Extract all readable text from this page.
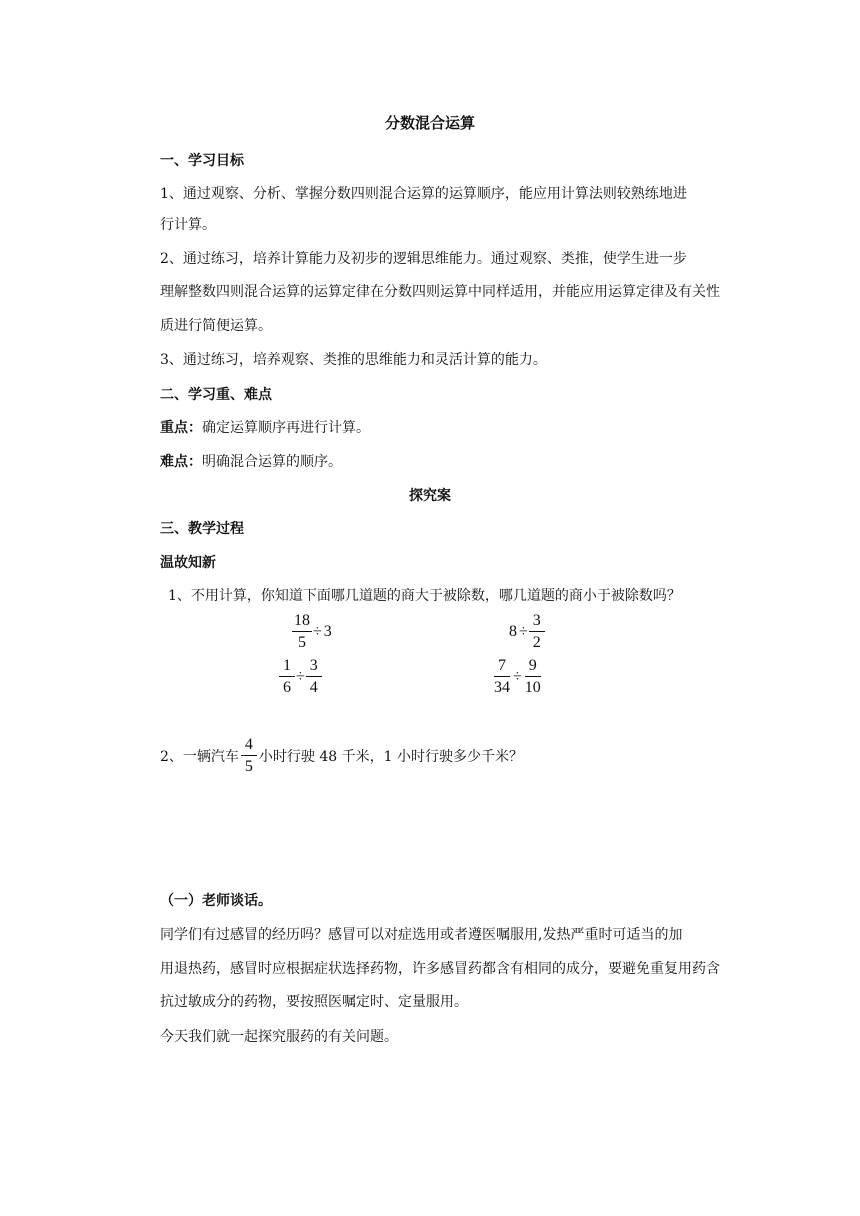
分数混合运算
一、学习目标
1、通过观察、分析、掌握分数四则混合运算的运算顺序，能应用计算法则较熟练地进
行计算。
2、通过练习，培养计算能力及初步的逻辑思维能力。通过观察、类推，使学生进一步
理解整数四则混合运算的运算定律在分数四则运算中同样适用，并能应用运算定律及有关性
质进行简便运算。
3、通过练习，培养观察、类推的思维能力和灵活计算的能力。
二、学习重、难点
重点：确定运算顺序再进行计算。
难点：明确混合运算的顺序。
探究案
三、教学过程
温故知新
1、不用计算，你知道下面哪几道题的商大于被除数，哪几道题的商小于被除数吗？
$\frac{18}{5} \div 3$	$8 \div \frac{3}{2}$
$\frac{1}{6} \div \frac{3}{4}$	$\frac{7}{34} \div \frac{9}{10}$
2、一辆汽车 $\frac{4}{5}$ 小时行驶 48 千米，1 小时行驶多少千米？
（一）老师谈话。
同学们有过感冒的经历吗？感冒可以对症选用或者遵医嘱服用,发热严重时可适当的加
用退热药，感冒时应根据症状选择药物，许多感冒药都含有相同的成分，要避免重复用药含
抗过敏成分的药物，要按照医嘱定时、定量服用。
今天我们就一起探究服药的有关问题。
